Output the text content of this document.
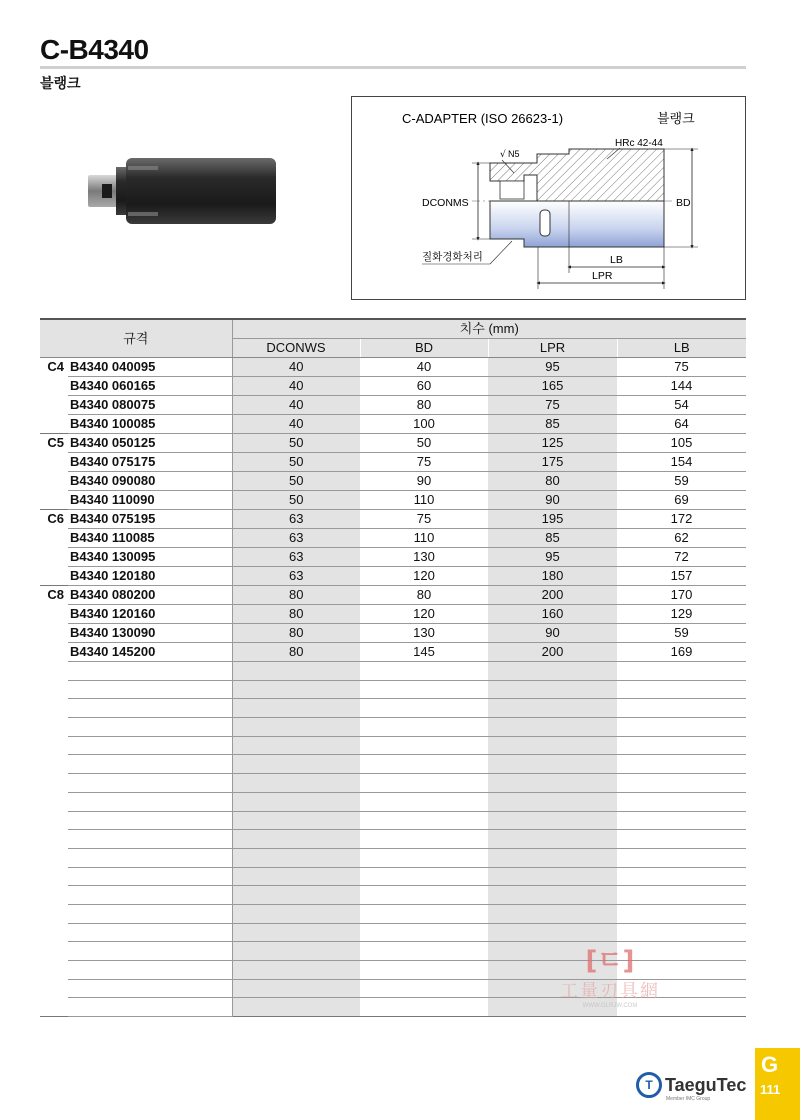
C-B4340
블랭크
C-ADAPTER (ISO 26623-1)	블랭크
√ N5
HRc 42-44
DCONMS	BD
LB
LPR
질화경화처리
규격		치수 (mm)			
		DCONWS	BD	LPR	LB
C4	B4340 040095	40	40	95	75
	B4340 060165	40	60	165	144
	B4340 080075	40	80	75	54
	B4340 100085	40	100	85	64
C5	B4340 050125	50	50	125	105
	B4340 075175	50	75	175	154
	B4340 090080	50	90	80	59
	B4340 110090	50	110	90	69
C6	B4340 075195	63	75	195	172
	B4340 110085	63	110	85	62
	B4340 130095	63	130	95	72
	B4340 120180	63	120	180	157
C8	B4340 080200	80	80	200	170
	B4340 120160	80	120	160	129
	B4340 130090	80	130	90	59
	B4340 145200	80	145	200	169

[ㄷ]
工量刃具網
WWW.GLRJW.COM
T TaeguTec
Member IMC Group
G
111
